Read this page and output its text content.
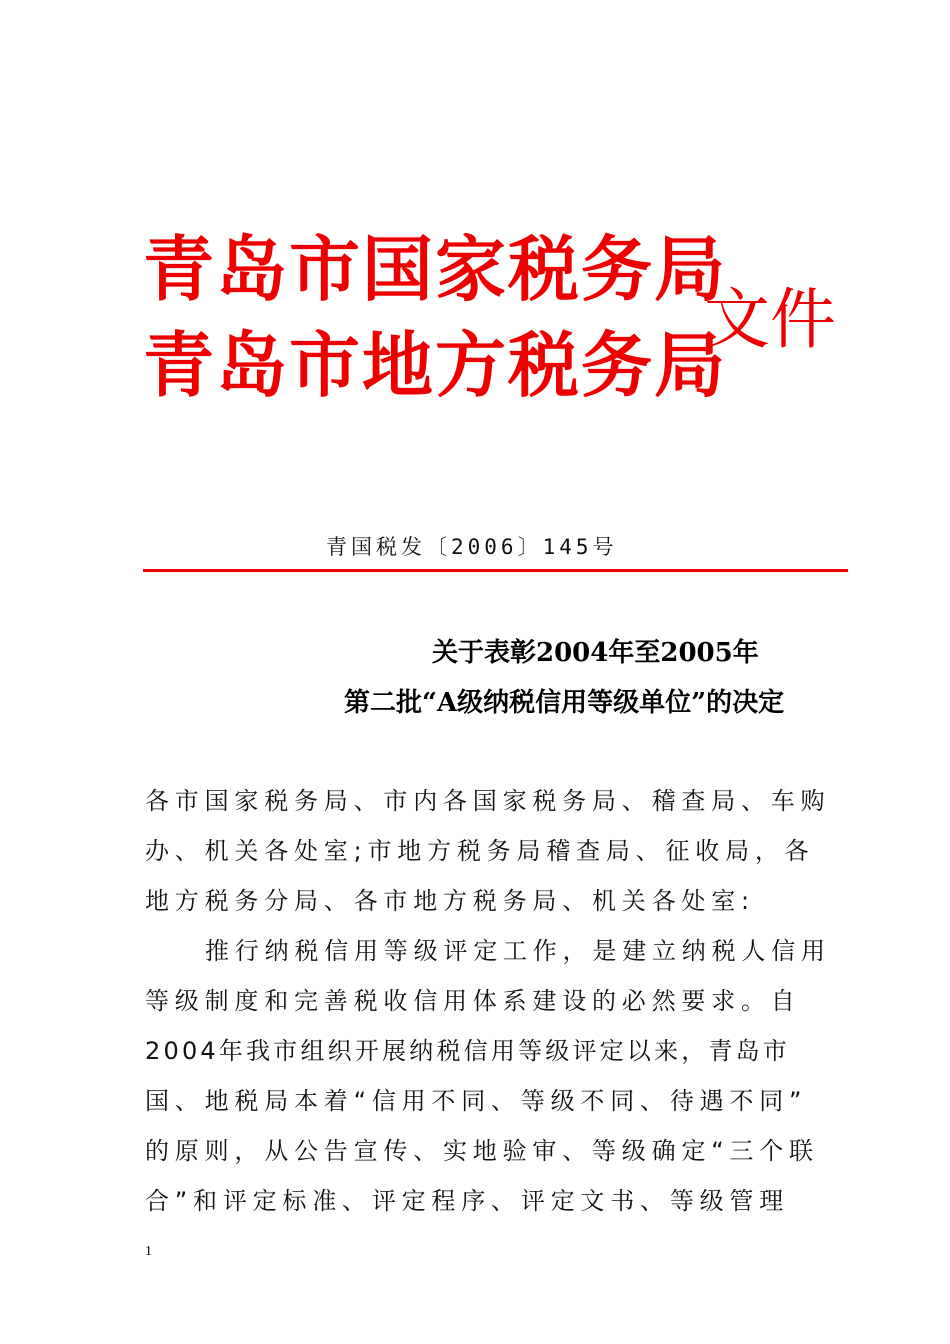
青岛市国家税务局
青岛市地方税务局
文件
青国税发〔2006〕145号
关于表彰2004年至2005年
第二批“A级纳税信用等级单位”的决定
各市国家税务局、市内各国家税务局、稽查局、车购
办、机关各处室;市地方税务局稽查局、征收局，各
地方税务分局、各市地方税务局、机关各处室:
推行纳税信用等级评定工作，是建立纳税人信用
等级制度和完善税收信用体系建设的必然要求。自
2004年我市组织开展纳税信用等级评定以来，青岛市
国、地税局本着“信用不同、等级不同、待遇不同”
的原则，从公告宣传、实地验审、等级确定“三个联
合”和评定标准、评定程序、评定文书、等级管理
1
